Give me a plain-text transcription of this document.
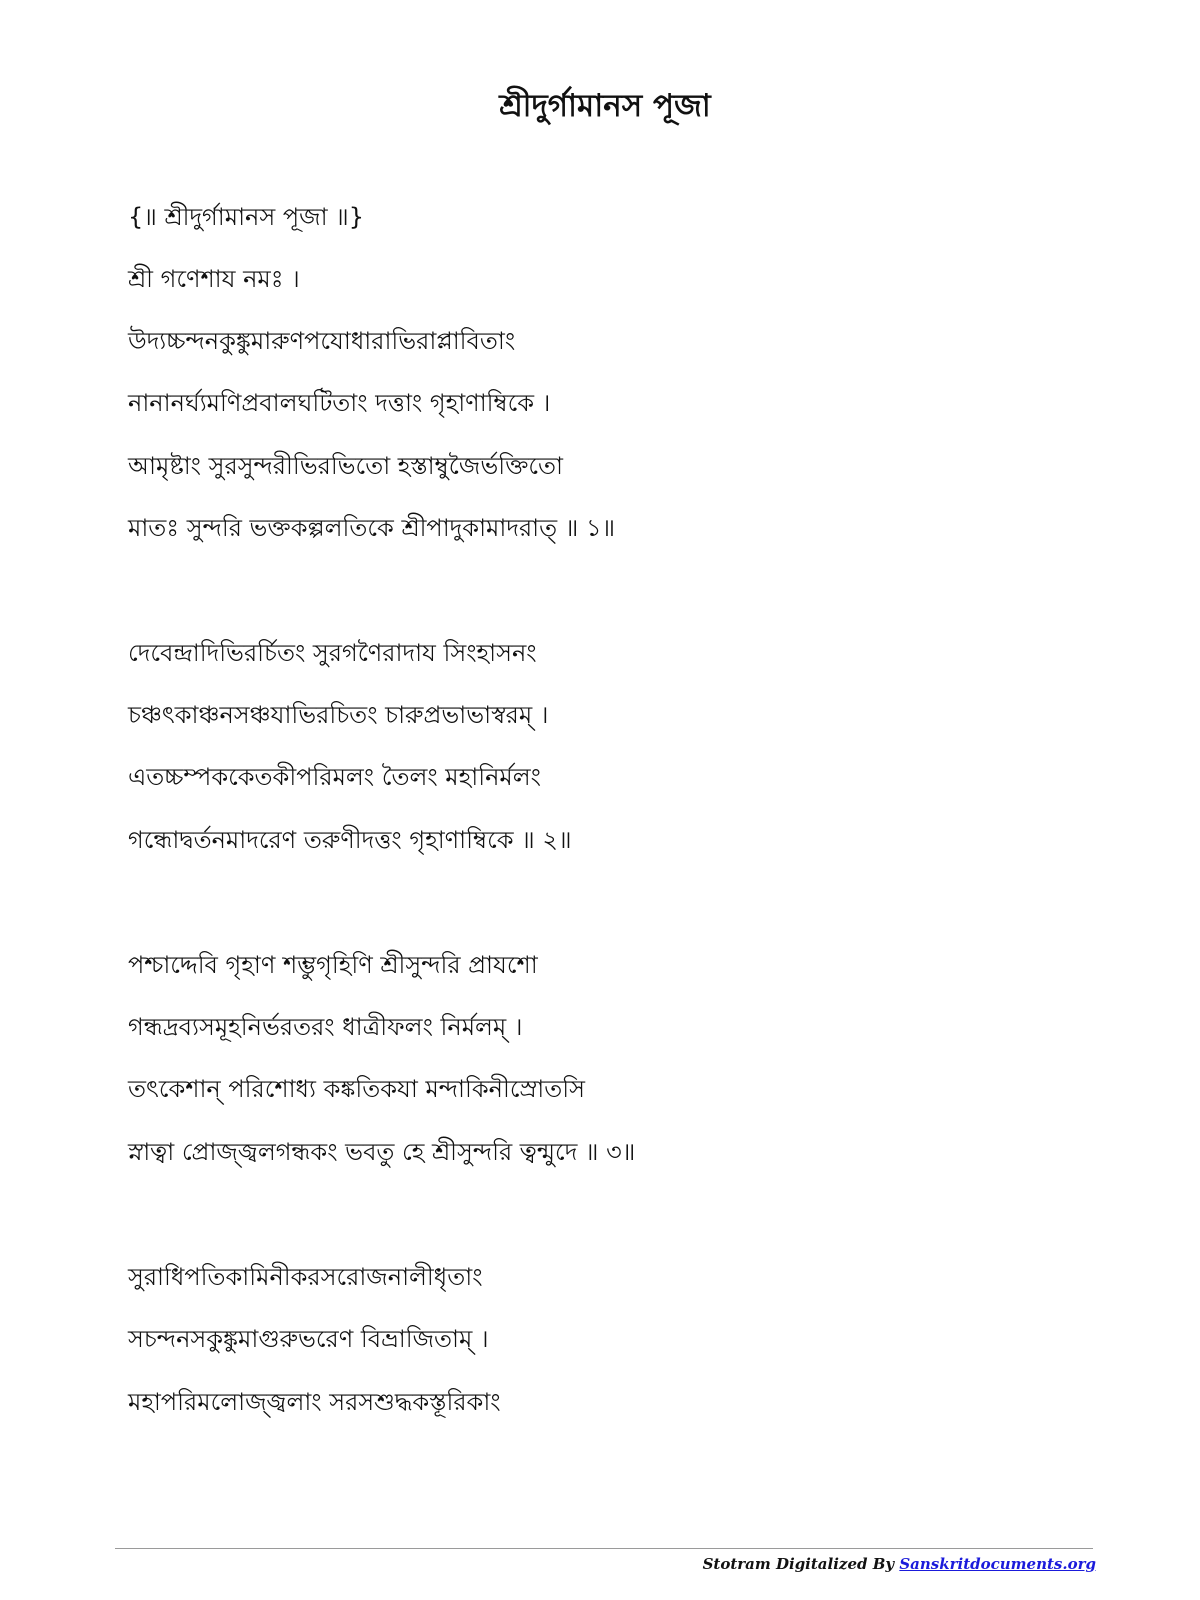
শ্রীদুর্গামানস পূজা
{॥ শ্রীদুর্গামানস পূজা ॥}
শ্রী গণেশায নমঃ ।
উদ্যচ্চন্দনকুঙ্কুমারুণপযোধারাভিরাপ্লাবিতাং
নানানর্ঘ্যমণিপ্রবালঘটিতাং দত্তাং গৃহাণাম্বিকে ।
আমৃষ্টাং সুরসুন্দরীভিরভিতো হস্তাম্বুজৈর্ভক্তিতো
মাতঃ সুন্দরি ভক্তকল্পলতিকে শ্রীপাদুকামাদরাত্ ॥ ১॥
দেবেন্দ্রাদিভিরর্চিতং সুরগণৈরাদায সিংহাসনং
চঞ্চৎকাঞ্চনসঞ্চযাভিরচিতং চারুপ্রভাভাস্বরম্ ।
এতচ্চম্পককেতকীপরিমলং তৈলং মহানির্মলং
গন্ধোদ্বর্তনমাদরেণ তরুণীদত্তং গৃহাণাম্বিকে ॥ ২॥
পশ্চাদ্দেবি গৃহাণ শম্ভুগৃহিণি শ্রীসুন্দরি প্রাযশো
গন্ধদ্রব্যসমূহনির্ভরতরং ধাত্রীফলং নির্মলম্ ।
তৎকেশান্ পরিশোধ্য কঙ্কতিকযা মন্দাকিনীস্রোতসি
স্নাত্বা প্রোজ্জ্বলগন্ধকং ভবতু হে শ্রীসুন্দরি ত্বন্মুদে ॥ ৩॥
সুরাধিপতিকামিনীকরসরোজনালীধৃতাং
সচন্দনসকুঙ্কুমাগুরুভরেণ বিভ্রাজিতাম্ ।
মহাপরিমলোজ্জ্বলাং সরসশুদ্ধকস্তূরিকাং
Stotram Digitalized By Sanskritdocuments.org
